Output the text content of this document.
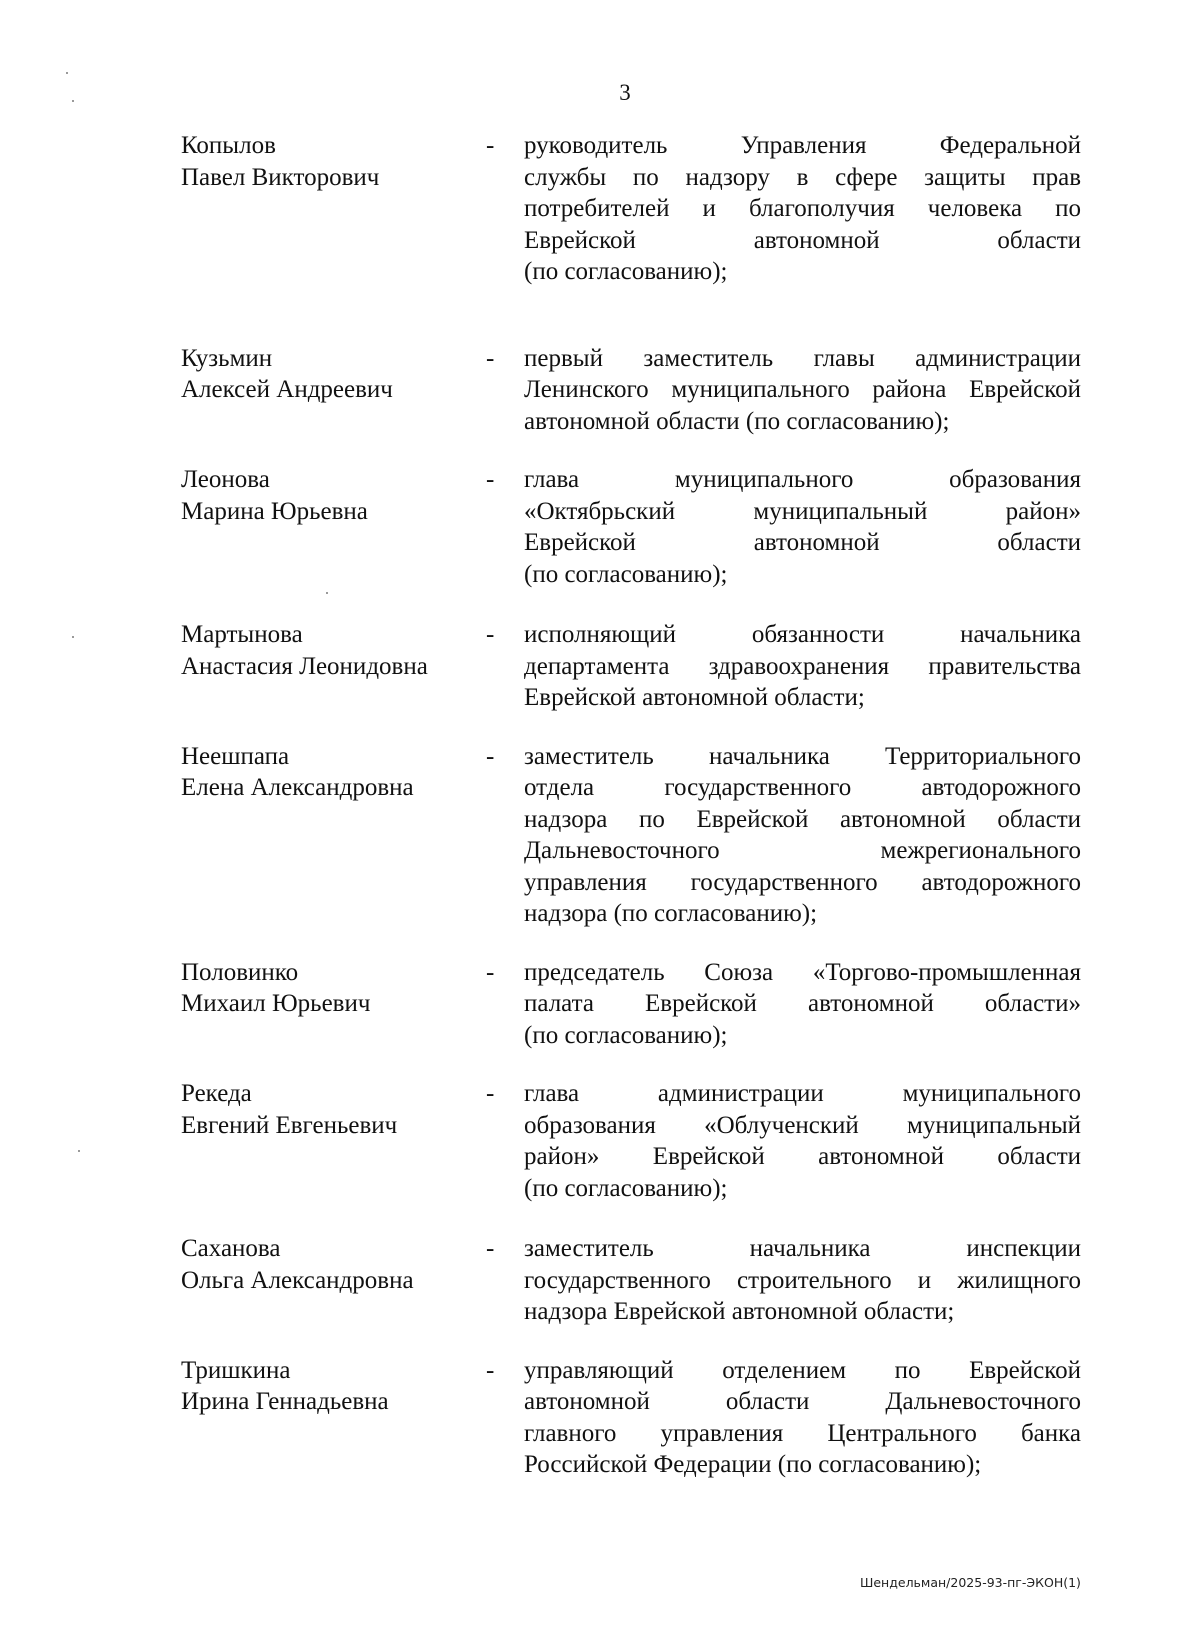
3
Копылов
Павел Викторович
-	руководитель Управления Федеральной
службы по надзору в сфере защиты прав
потребителей и благополучия человека по
Еврейской автономной области
(по согласованию);
Кузьмин
Алексей Андреевич
-	первый заместитель главы администрации
Ленинского муниципального района Еврейской
автономной области (по согласованию);
Леонова
Марина Юрьевна
-	глава муниципального образования
«Октябрьский муниципальный район»
Еврейской автономной области
(по согласованию);
Мартынова
Анастасия Леонидовна
-	исполняющий обязанности начальника
департамента здравоохранения правительства
Еврейской автономной области;
Неешпапа
Елена Александровна
-	заместитель начальника Территориального
отдела государственного автодорожного
надзора по Еврейской автономной области
Дальневосточного межрегионального
управления государственного автодорожного
надзора (по согласованию);
Половинко
Михаил Юрьевич
-	председатель Союза «Торгово-промышленная
палата Еврейской автономной области»
(по согласованию);
Рекеда
Евгений Евгеньевич
-	глава администрации муниципального
образования «Облученский муниципальный
район» Еврейской автономной области
(по согласованию);
Саханова
Ольга Александровна
-	заместитель начальника инспекции
государственного строительного и жилищного
надзора Еврейской автономной области;
Тришкина
Ирина Геннадьевна
-	управляющий отделением по Еврейской
автономной области Дальневосточного
главного управления Центрального банка
Российской Федерации (по согласованию);
Шендельман/2025-93-пг-ЭКОН(1)
